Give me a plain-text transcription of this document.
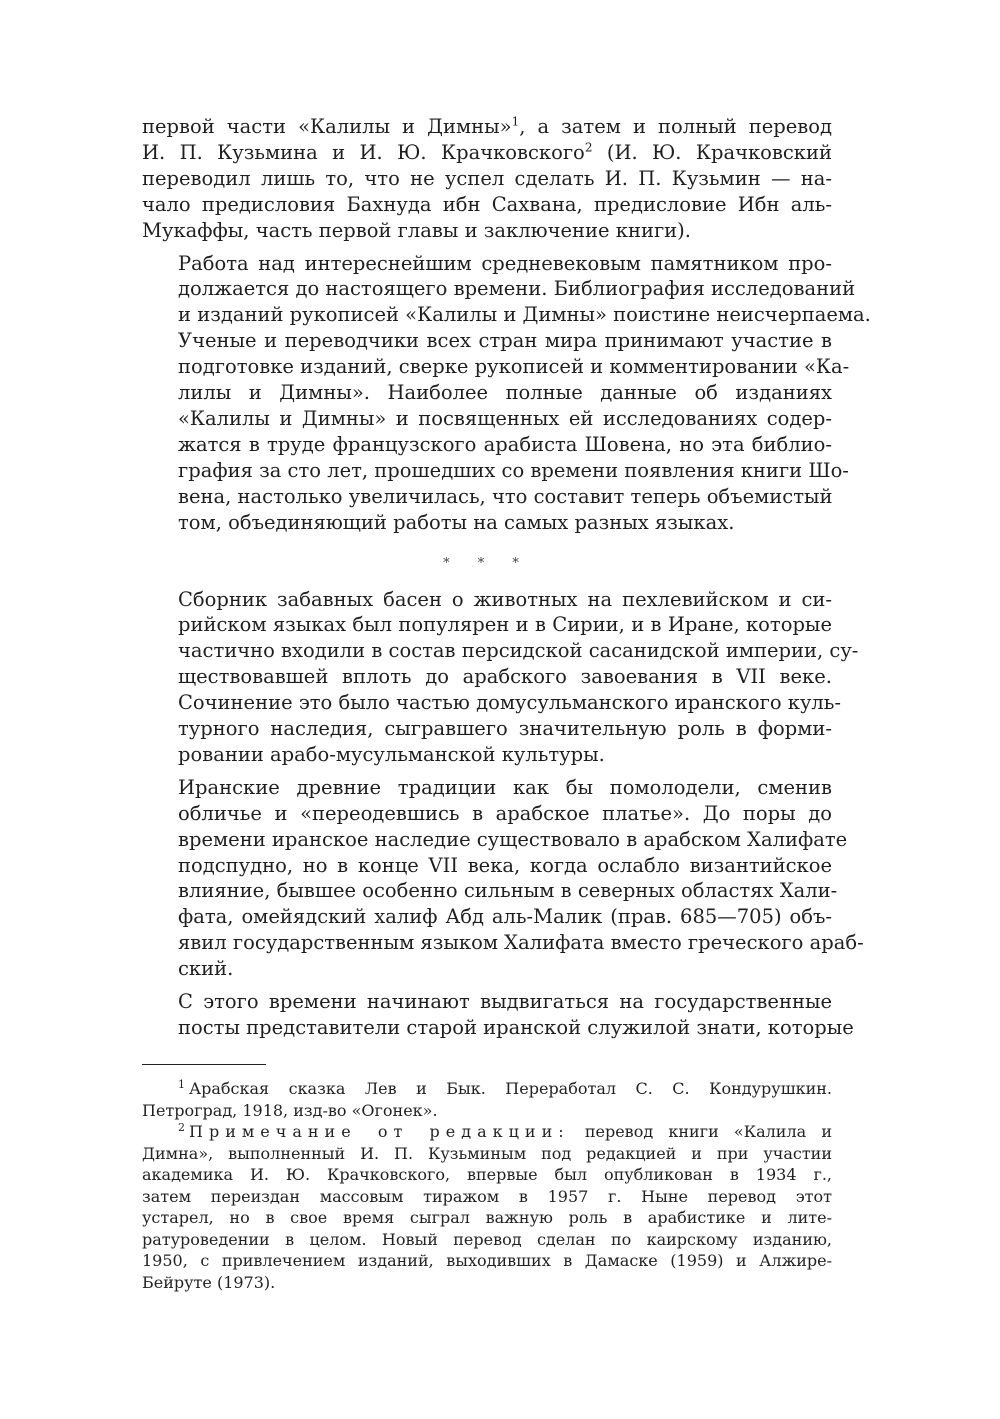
первой части «Калилы и Димны»$^1$, а затем и полный перевод
И. П. Кузьмина и И. Ю. Крачковского$^2$ (И. Ю. Крачковский
переводил лишь то, что не успел сделать И. П. Кузьмин — на-
чало предисловия Бахнуда ибн Сахвана, предисловие Ибн аль-
Мукаффы, часть первой главы и заключение книги).
Работа над интереснейшим средневековым памятником про-
должается до настоящего времени. Библиография исследований
и изданий рукописей «Калилы и Димны» поистине неисчерпаема.
Ученые и переводчики всех стран мира принимают участие в
подготовке изданий, сверке рукописей и комментировании «Ка-
лилы и Димны». Наиболее полные данные об изданиях
«Калилы и Димны» и посвященных ей исследованиях содер-
жатся в труде французского арабиста Шовена, но эта библио-
графия за сто лет, прошедших со времени появления книги Шо-
вена, настолько увеличилась, что составит теперь объемистый
том, объединяющий работы на самых разных языках.
* * *
Сборник забавных басен о животных на пехлевийском и си-
рийском языках был популярен и в Сирии, и в Иране, которые
частично входили в состав персидской сасанидской империи, су-
ществовавшей вплоть до арабского завоевания в VII веке.
Сочинение это было частью домусульманского иранского куль-
турного наследия, сыгравшего значительную роль в форми-
ровании арабо-мусульманской культуры.
Иранские древние традиции как бы помолодели, сменив
обличье и «переодевшись в арабское платье». До поры до
времени иранское наследие существовало в арабском Халифате
подспудно, но в конце VII века, когда ослабло византийское
влияние, бывшее особенно сильным в северных областях Хали-
фата, омейядский халиф Абд аль-Малик (прав. 685—705) объ-
явил государственным языком Халифата вместо греческого араб-
ский.
С этого времени начинают выдвигаться на государственные
посты представители старой иранской служилой знати, которые
$^1$ Арабская сказка Лев и Бык. Переработал С. С. Кондурушкин.
Петроград, 1918, изд-во «Огонек».
$^2$ Примечание от редакции: перевод книги «Калила и
Димна», выполненный И. П. Кузьминым под редакцией и при участии
академика И. Ю. Крачковского, впервые был опубликован в 1934 г.,
затем переиздан массовым тиражом в 1957 г. Ныне перевод этот
устарел, но в свое время сыграл важную роль в арабистике и лите-
ратуроведении в целом. Новый перевод сделан по каирскому изданию,
1950, с привлечением изданий, выходивших в Дамаске (1959) и Алжире-
Бейруте (1973).
